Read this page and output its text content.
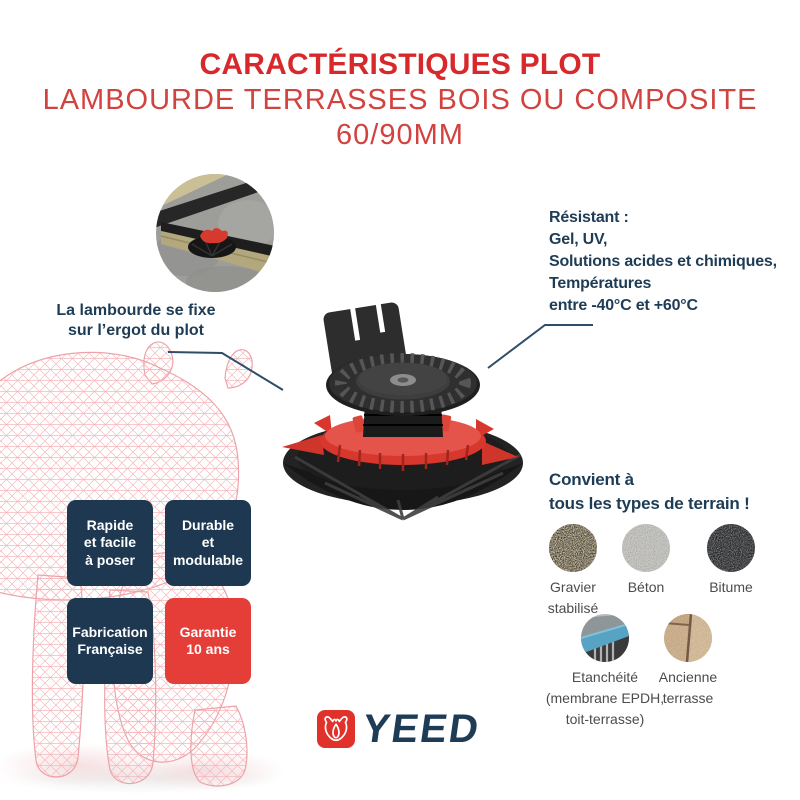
CARACTÉRISTIQUES PLOT
LAMBOURDE TERRASSES BOIS OU COMPOSITE
60/90MM
La lambourde se fixe
sur l’ergot du plot
Résistant :
Gel, UV,
Solutions acides et chimiques,
Températures
entre -40°C et +60°C
Rapide
et facile
à poser
Durable
et
modulable
Fabrication
Française
Garantie
10 ans
Convient à
tous les types de terrain !
Gravier
stabilisé
Béton	Bitume
Etanchéité
(membrane EPDH,
toit-terrasse)
Ancienne
terrasse
YEED
